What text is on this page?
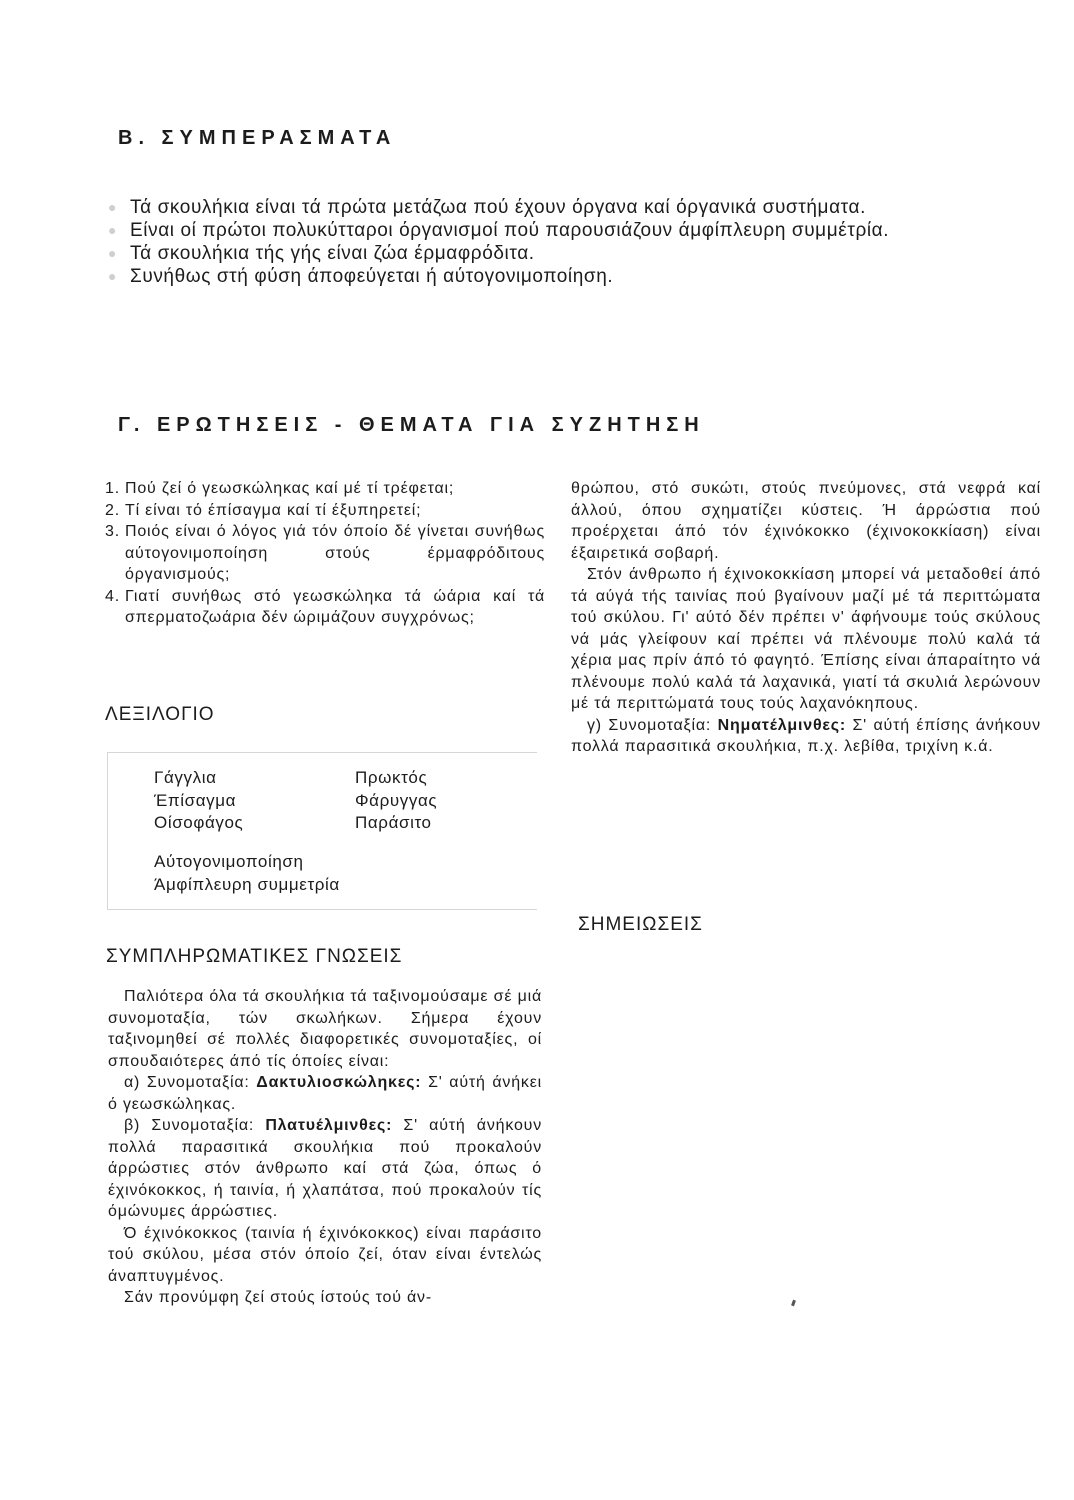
Β. ΣΥΜΠΕΡΑΣΜΑΤΑ
● Τά σκουλήκια είναι τά πρώτα μετάζωα πού έχουν όργανα καί όργανικά συστήματα.
● Είναι οί πρώτοι πολυκύτταροι όργανισμοί πού παρουσιάζουν άμφίπλευρη συμμέτρία.
● Τά σκουλήκια τής γής είναι ζώα έρμαφρόδιτα.
● Συνήθως στή φύση άποφεύγεται ή αύτογονιμοποίηση.
Γ. ΕΡΩΤΗΣΕΙΣ - ΘΕΜΑΤΑ ΓΙΑ ΣΥΖΗΤΗΣΗ
1. Πού ζεί ό γεωσκώληκας καί μέ τί τρέφεται;
2. Τί είναι τό έπίσαγμα καί τί έξυπηρετεί;
3. Ποιός είναι ό λόγος γιά τόν όποίο δέ γίνεται συνήθως αύτογονιμοποίηση στούς έρμαφρόδιτους όργανισμούς;
4. Γιατί συνήθως στό γεωσκώληκα τά ώάρια καί τά σπερματοζωάρια δέν ώριμάζουν συγχρόνως;
ΛΕΞΙΛΟΓΙΟ
Γάγγλια
Έπίσαγμα
Οίσοφάγος
Πρωκτός
Φάρυγγας
Παράσιτο
Αύτογονιμοποίηση
Άμφίπλευρη συμμετρία
ΣΥΜΠΛΗΡΩΜΑΤΙΚΕΣ ΓΝΩΣΕΙΣ

Παλιότερα όλα τά σκουλήκια τά ταξινομούσαμε σέ μιά συνομοταξία, τών σκωλήκων. Σήμερα έχουν ταξινομηθεί σέ πολλές διαφορετικές συνομοταξίες, οί σπουδαιότερες άπό τίς όποίες είναι:

α) Συνομοταξία: Δακτυλιοσκώληκες: Σ' αύτή άνήκει ό γεωσκώληκας.

β) Συνομοταξία: Πλατυέλμινθες: Σ' αύτή άνήκουν πολλά παρασιτικά σκουλήκια πού προκαλούν άρρώστιες στόν άνθρωπο καί στά ζώα, όπως ό έχινόκοκκος, ή ταινία, ή χλαπάτσα, πού προκαλούν τίς όμώνυμες άρρώστιες.

Ό έχινόκοκκος (ταινία ή έχινόκοκκος) είναι παράσιτο τού σκύλου, μέσα στόν όποίο ζεί, όταν είναι έντελώς άναπτυγμένος.

Σάν προνύμφη ζεί στούς ίστούς τού άν-

θρώπου, στό συκώτι, στούς πνεύμονες, στά νεφρά καί άλλού, όπου σχηματίζει κύστεις. Ή άρρώστια πού προέρχεται άπό τόν έχινόκοκκο (έχινοκοκκίαση) είναι έξαιρετικά σοβαρή.

Στόν άνθρωπο ή έχινοκοκκίαση μπορεί νά μεταδοθεί άπό τά αύγά τής ταινίας πού βγαίνουν μαζί μέ τά περιττώματα τού σκύλου. Γι' αύτό δέν πρέπει ν' άφήνουμε τούς σκύλους νά μάς γλείφουν καί πρέπει νά πλένουμε πολύ καλά τά χέρια μας πρίν άπό τό φαγητό. Έπίσης είναι άπαραίτητο νά πλένουμε πολύ καλά τά λαχανικά, γιατί τά σκυλιά λερώνουν μέ τά περιττώματά τους τούς λαχανόκηπους.

γ) Συνομοταξία: Νηματέλμινθες: Σ' αύτή έπίσης άνήκουν πολλά παρασιτικά σκουλήκια, π.χ. λεβίθα, τριχίνη κ.ά.

ΣΗΜΕΙΩΣΕΙΣ
